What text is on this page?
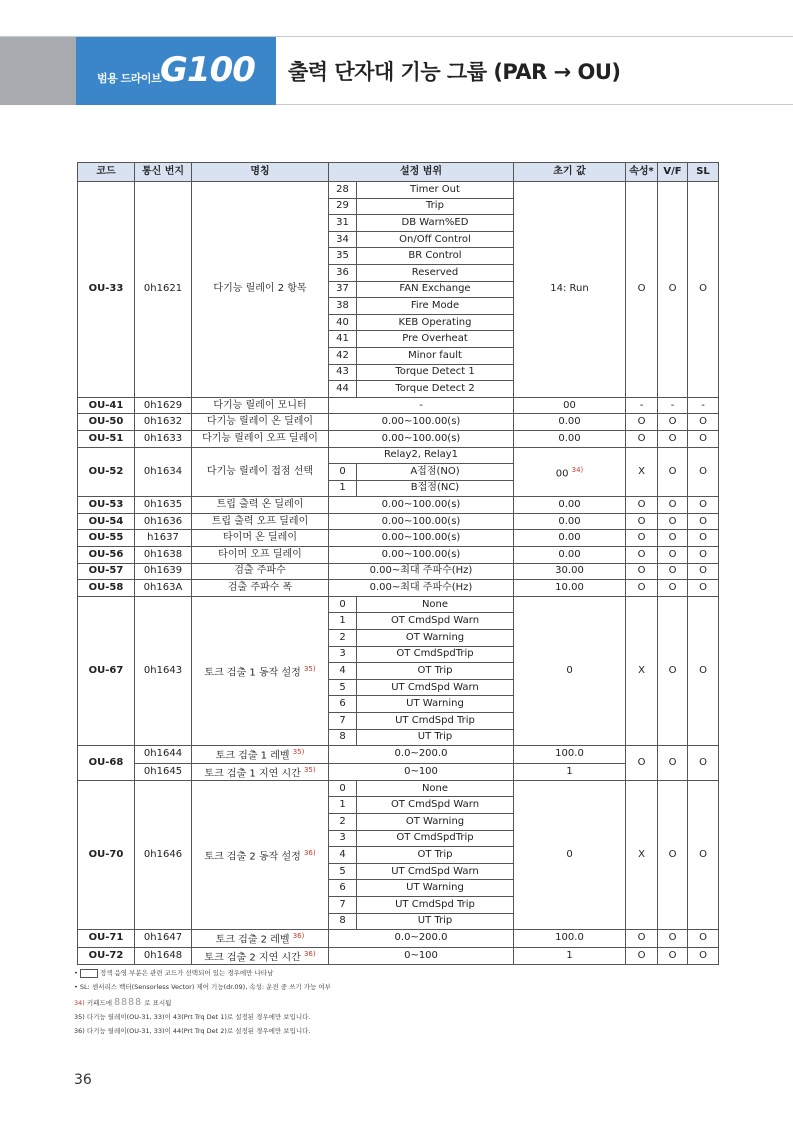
범용 드라이브
G100 출력 단자대 기능 그룹 (PAR → OU)
코드	통신 번지	명칭	설정 범위		초기 값	속성*	V/F	SL
OU-33	0h1621	다기능 릴레이 2 항목	28	Timer Out	14: Run	O	O	O
			29	Trip				
			31	DB Warn%ED				
			34	On/Off Control				
			35	BR Control				
			36	Reserved				
			37	FAN Exchange				
			38	Fire Mode				
			40	KEB Operating				
			41	Pre Overheat				
			42	Minor fault				
			43	Torque Detect 1				
			44	Torque Detect 2				
OU-41	0h1629	다기능 릴레이 모니터	-		00	-	-	-
OU-50	0h1632	다기능 릴레이 온 딜레이	0.00~100.00(s)		0.00	O	O	O
OU-51	0h1633	다기능 릴레이 오프 딜레이	0.00~100.00(s)		0.00	O	O	O
OU-52	0h1634	다기능 릴레이 접점 선택	Relay2, Relay1		00 $^{34)}$	X	O	O
			0	A접점(NO)				
			1	B접점(NC)				
OU-53	0h1635	트립 출력 온 딜레이	0.00~100.00(s)		0.00	O	O	O
OU-54	0h1636	트립 출력 오프 딜레이	0.00~100.00(s)		0.00	O	O	O
OU-55	h1637	타이머 온 딜레이	0.00~100.00(s)		0.00	O	O	O
OU-56	0h1638	타이머 오프 딜레이	0.00~100.00(s)		0.00	O	O	O
OU-57	0h1639	검출 주파수	0.00~최대 주파수(Hz)		30.00	O	O	O
OU-58	0h163A	검출 주파수 폭	0.00~최대 주파수(Hz)		10.00	O	O	O
OU-67	0h1643	토크 검출 1 동작 설정 $^{35)}$	0	None	0	X	O	O
			1	OT CmdSpd Warn				
			2	OT Warning				
			3	OT CmdSpdTrip				
			4	OT Trip				
			5	UT CmdSpd Warn				
			6	UT Warning				
			7	UT CmdSpd Trip				
			8	UT Trip				
OU-68	0h1644	토크 검출 1 레벨 $^{35)}$	0.0~200.0		100.0	O	O	O
	0h1645	토크 검출 1 지연 시간 $^{35)}$	0~100		1			
OU-70	0h1646	토크 검출 2 동작 설정 $^{36)}$	0	None	0	X	O	O
			1	OT CmdSpd Warn				
			2	OT Warning				
			3	OT CmdSpdTrip				
			4	OT Trip				
			5	UT CmdSpd Warn				
			6	UT Warning				
			7	UT CmdSpd Trip				
			8	UT Trip				
OU-71	0h1647	토크 검출 2 레벨 $^{36)}$	0.0~200.0		100.0	O	O	O
OU-72	0h1648	토크 검출 2 지연 시간 $^{36)}$	0~100		1	O	O	O
•	정색 음영 부분은 관련 코드가 선택되어 있는 경우에만 나타남
• SL: 센서리스 벡터(Sensorless Vector) 제어 기능(dr.09), 속성: 운전 중 쓰기 가능 여부
34) 키패드에 8888 로 표시됨
35) 다기능 릴레이(OU-31, 33)이 43(Prt Trq Det 1)로 설정된 경우에만 보입니다.
36) 다기능 릴레이(OU-31, 33)이 44(Prt Trq Det 2)로 설정된 경우에만 보입니다.
36
